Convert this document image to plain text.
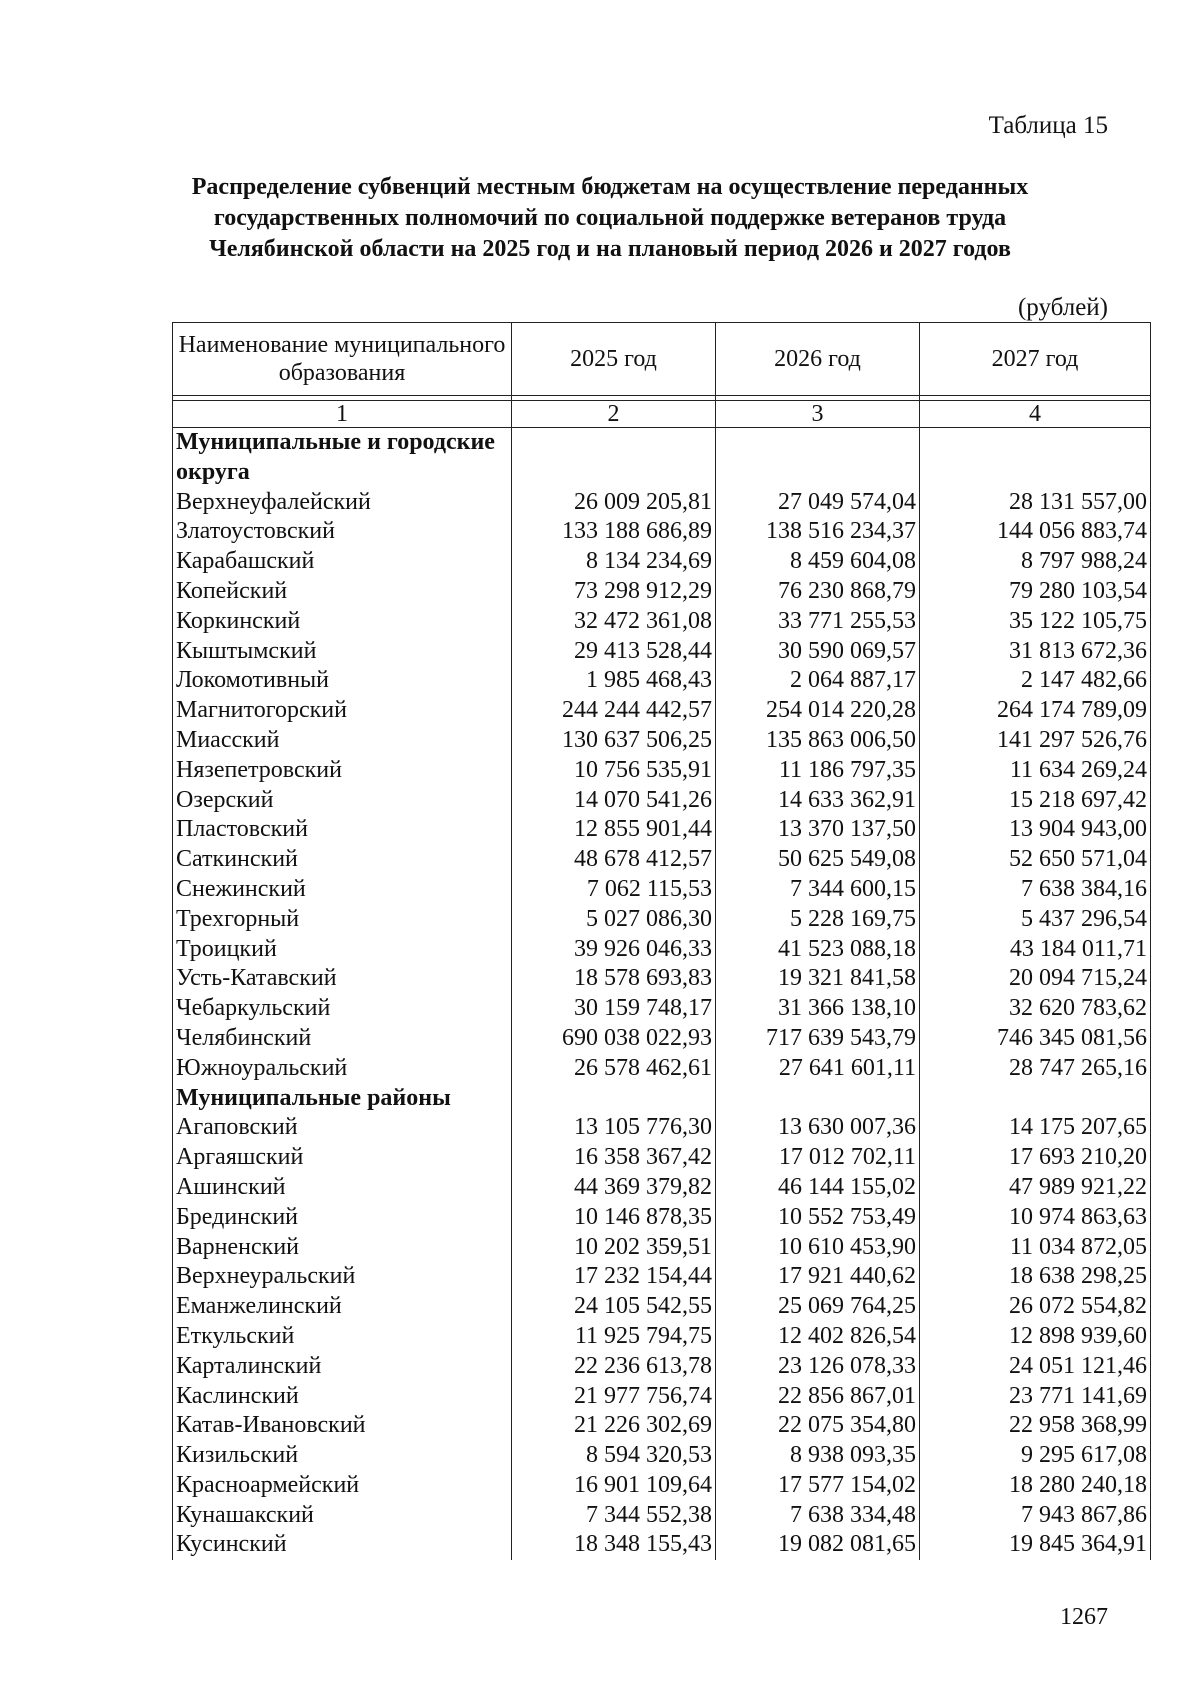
Таблица 15
Распределение субвенций местным бюджетам на осуществление переданных
государственных полномочий по социальной поддержке ветеранов труда
Челябинской области на 2025 год и на плановый период 2026 и 2027 годов
(рублей)
Наименование муниципального образования	2025 год	2026 год	2027 год

1	2	3	4
Муниципальные и городские округа			
Верхнеуфалейский	26 009 205,81	27 049 574,04	28 131 557,00
Златоустовский	133 188 686,89	138 516 234,37	144 056 883,74
Карабашский	8 134 234,69	8 459 604,08	8 797 988,24
Копейский	73 298 912,29	76 230 868,79	79 280 103,54
Коркинский	32 472 361,08	33 771 255,53	35 122 105,75
Кыштымский	29 413 528,44	30 590 069,57	31 813 672,36
Локомотивный	1 985 468,43	2 064 887,17	2 147 482,66
Магнитогорский	244 244 442,57	254 014 220,28	264 174 789,09
Миасский	130 637 506,25	135 863 006,50	141 297 526,76
Нязепетровский	10 756 535,91	11 186 797,35	11 634 269,24
Озерский	14 070 541,26	14 633 362,91	15 218 697,42
Пластовский	12 855 901,44	13 370 137,50	13 904 943,00
Саткинский	48 678 412,57	50 625 549,08	52 650 571,04
Снежинский	7 062 115,53	7 344 600,15	7 638 384,16
Трехгорный	5 027 086,30	5 228 169,75	5 437 296,54
Троицкий	39 926 046,33	41 523 088,18	43 184 011,71
Усть-Катавский	18 578 693,83	19 321 841,58	20 094 715,24
Чебаркульский	30 159 748,17	31 366 138,10	32 620 783,62
Челябинский	690 038 022,93	717 639 543,79	746 345 081,56
Южноуральский	26 578 462,61	27 641 601,11	28 747 265,16
Муниципальные районы			
Агаповский	13 105 776,30	13 630 007,36	14 175 207,65
Аргаяшский	16 358 367,42	17 012 702,11	17 693 210,20
Ашинский	44 369 379,82	46 144 155,02	47 989 921,22
Брединский	10 146 878,35	10 552 753,49	10 974 863,63
Варненский	10 202 359,51	10 610 453,90	11 034 872,05
Верхнеуральский	17 232 154,44	17 921 440,62	18 638 298,25
Еманжелинский	24 105 542,55	25 069 764,25	26 072 554,82
Еткульский	11 925 794,75	12 402 826,54	12 898 939,60
Карталинский	22 236 613,78	23 126 078,33	24 051 121,46
Каслинский	21 977 756,74	22 856 867,01	23 771 141,69
Катав-Ивановский	21 226 302,69	22 075 354,80	22 958 368,99
Кизильский	8 594 320,53	8 938 093,35	9 295 617,08
Красноармейский	16 901 109,64	17 577 154,02	18 280 240,18
Кунашакский	7 344 552,38	7 638 334,48	7 943 867,86
Кусинский	18 348 155,43	19 082 081,65	19 845 364,91
1267
